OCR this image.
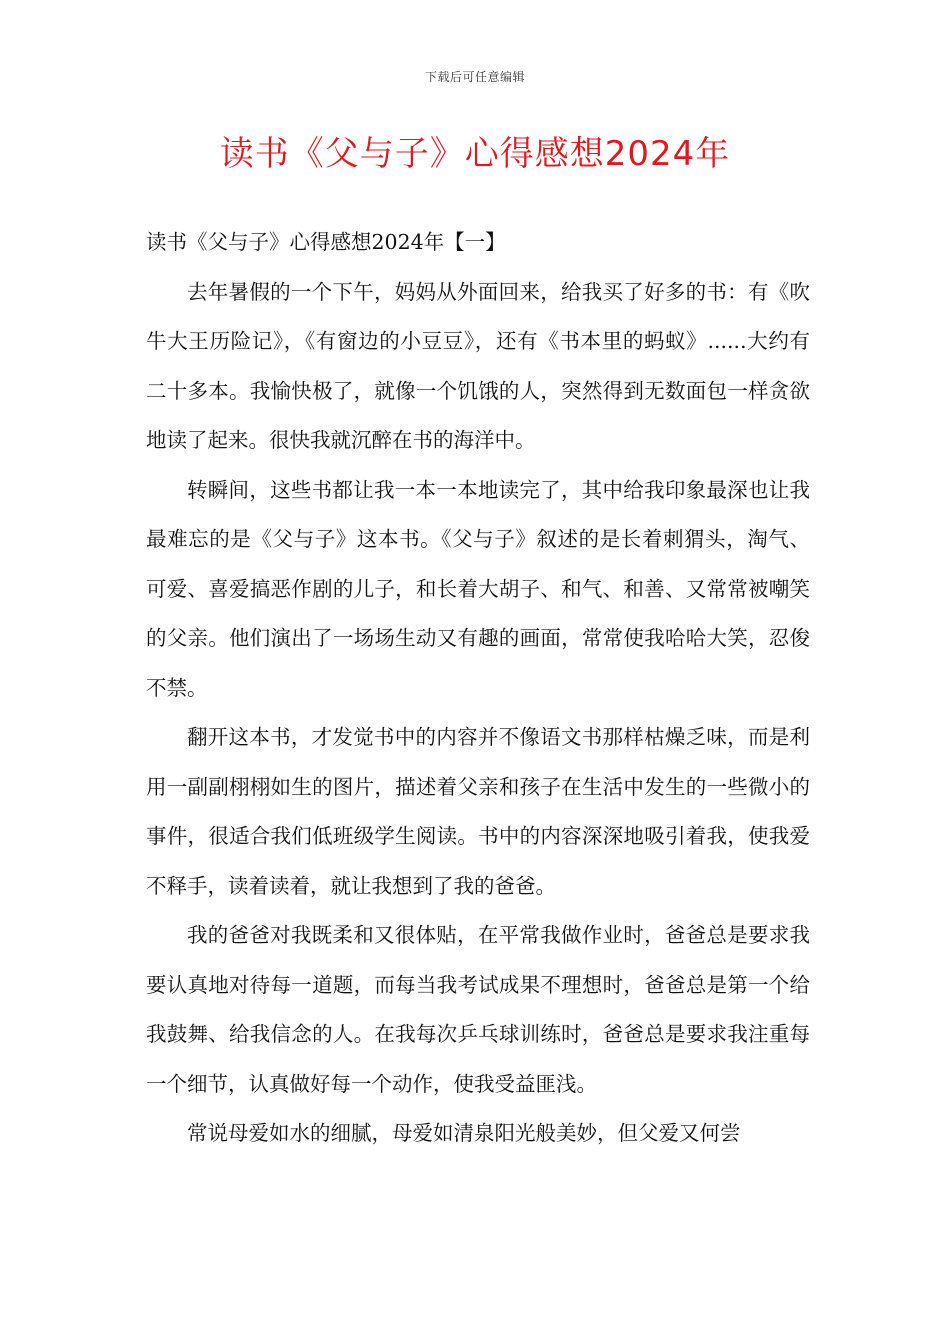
下载后可任意编辑
读书《父与子》心得感想2024年

读书《父与子》心得感想2024年【一】

去年暑假的一个下午，妈妈从外面回来，给我买了好多的书：有《吹牛大王历险记》，《有窗边的小豆豆》，还有《书本里的蚂蚁》......大约有二十多本。我愉快极了，就像一个饥饿的人，突然得到无数面包一样贪欲地读了起来。很快我就沉醉在书的海洋中。

转瞬间，这些书都让我一本一本地读完了，其中给我印象最深也让我最难忘的是《父与子》这本书。《父与子》叙述的是长着刺猬头，淘气、可爱、喜爱搞恶作剧的儿子，和长着大胡子、和气、和善、又常常被嘲笑的父亲。他们演出了一场场生动又有趣的画面，常常使我哈哈大笑，忍俊不禁。

翻开这本书，才发觉书中的内容并不像语文书那样枯燥乏味，而是利用一副副栩栩如生的图片，描述着父亲和孩子在生活中发生的一些微小的事件，很适合我们低班级学生阅读。书中的内容深深地吸引着我，使我爱不释手，读着读着，就让我想到了我的爸爸。

我的爸爸对我既柔和又很体贴，在平常我做作业时，爸爸总是要求我要认真地对待每一道题，而每当我考试成果不理想时，爸爸总是第一个给我鼓舞、给我信念的人。在我每次乒乓球训练时，爸爸总是要求我注重每一个细节，认真做好每一个动作，使我受益匪浅。

常说母爱如水的细腻，母爱如清泉阳光般美妙，但父爱又何尝
